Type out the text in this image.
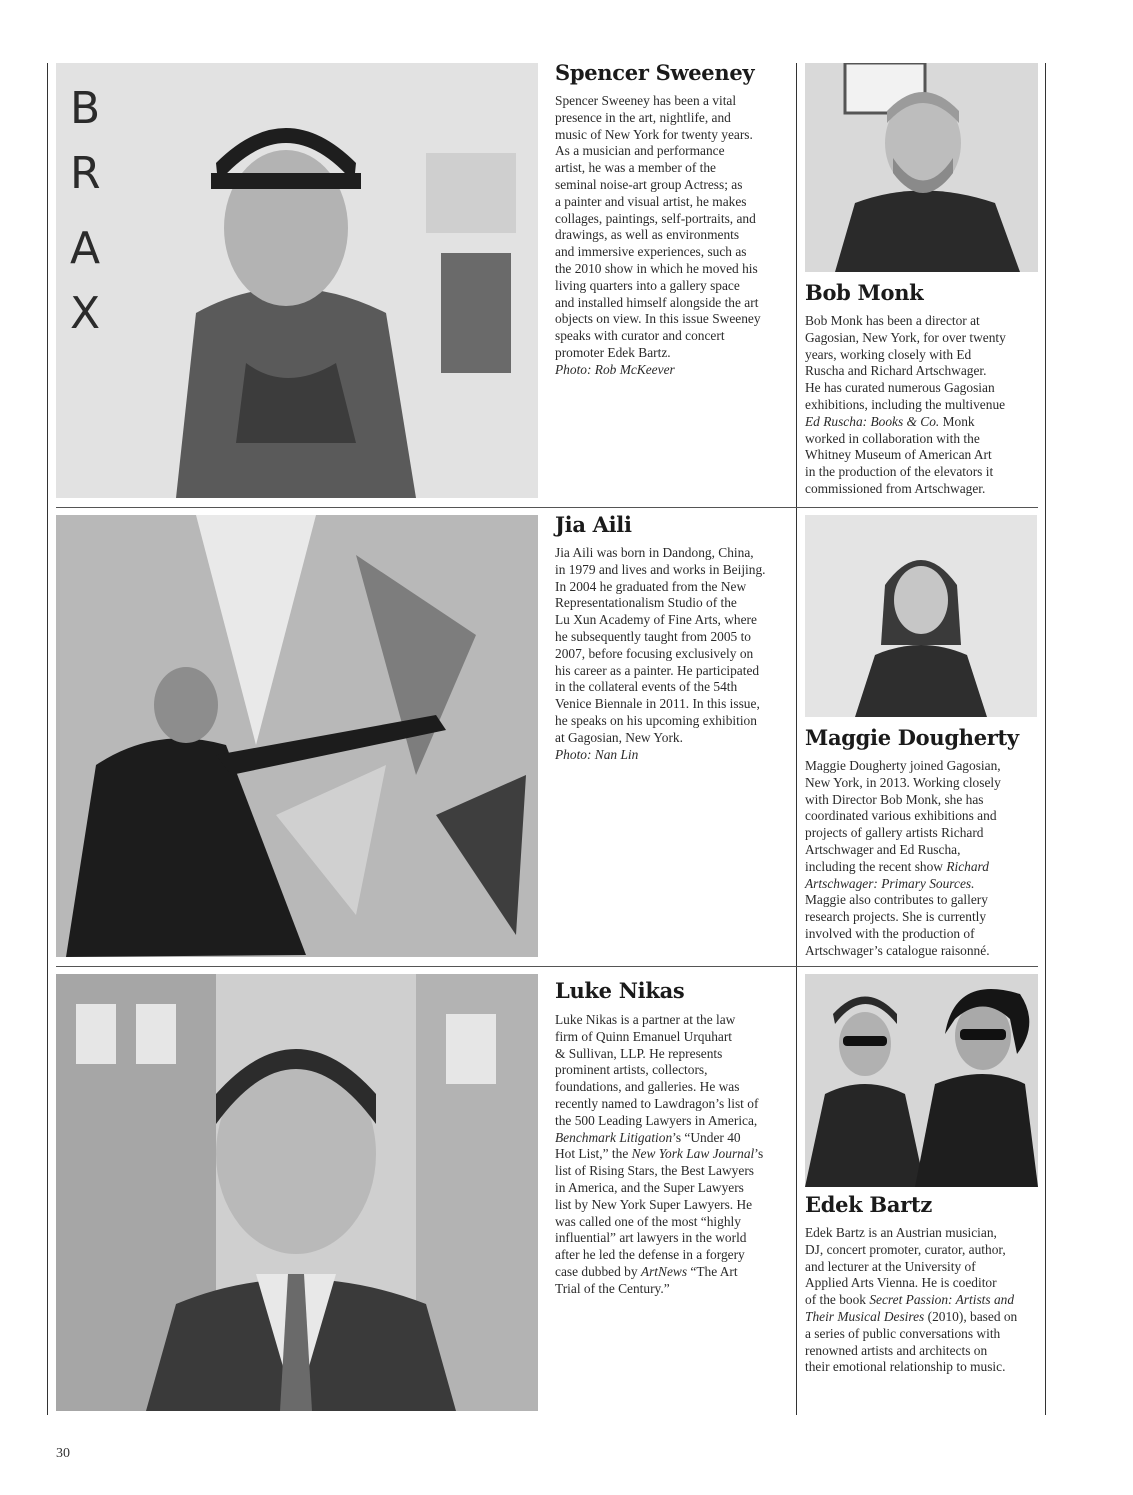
B
R
A
X
Spencer Sweeney
Spencer Sweeney has been a vital
presence in the art, nightlife, and
music of New York for twenty years.
As a musician and performance
artist, he was a member of the
seminal noise-art group Actress; as
a painter and visual artist, he makes
collages, paintings, self-portraits, and
drawings, as well as environments
and immersive experiences, such as
the 2010 show in which he moved his
living quarters into a gallery space
and installed himself alongside the art
objects on view. In this issue Sweeney
speaks with curator and concert
promoter Edek Bartz.
Photo: Rob McKeever
Bob Monk
Bob Monk has been a director at
Gagosian, New York, for over twenty
years, working closely with Ed
Ruscha and Richard Artschwager.
He has curated numerous Gagosian
exhibitions, including the multivenue
Ed Ruscha: Books & Co. Monk
worked in collaboration with the
Whitney Museum of American Art
in the production of the elevators it
commissioned from Artschwager.
Jia Aili
Jia Aili was born in Dandong, China,
in 1979 and lives and works in Beijing.
In 2004 he graduated from the New
Representationalism Studio of the
Lu Xun Academy of Fine Arts, where
he subsequently taught from 2005 to
2007, before focusing exclusively on
his career as a painter. He participated
in the collateral events of the 54th
Venice Biennale in 2011. In this issue,
he speaks on his upcoming exhibition
at Gagosian, New York.
Photo: Nan Lin
Maggie Dougherty
Maggie Dougherty joined Gagosian,
New York, in 2013. Working closely
with Director Bob Monk, she has
coordinated various exhibitions and
projects of gallery artists Richard
Artschwager and Ed Ruscha,
including the recent show Richard
Artschwager: Primary Sources.
Maggie also contributes to gallery
research projects. She is currently
involved with the production of
Artschwager’s catalogue raisonné.
Luke Nikas
Luke Nikas is a partner at the law
firm of Quinn Emanuel Urquhart
& Sullivan, LLP. He represents
prominent artists, collectors,
foundations, and galleries. He was
recently named to Lawdragon’s list of
the 500 Leading Lawyers in America,
Benchmark Litigation’s “Under 40
Hot List,” the New York Law Journal’s
list of Rising Stars, the Best Lawyers
in America, and the Super Lawyers
list by New York Super Lawyers. He
was called one of the most “highly
influential” art lawyers in the world
after he led the defense in a forgery
case dubbed by ArtNews “The Art
Trial of the Century.”
Edek Bartz
Edek Bartz is an Austrian musician,
DJ, concert promoter, curator, author,
and lecturer at the University of
Applied Arts Vienna. He is coeditor
of the book Secret Passion: Artists and
Their Musical Desires (2010), based on
a series of public conversations with
renowned artists and architects on
their emotional relationship to music.
30
